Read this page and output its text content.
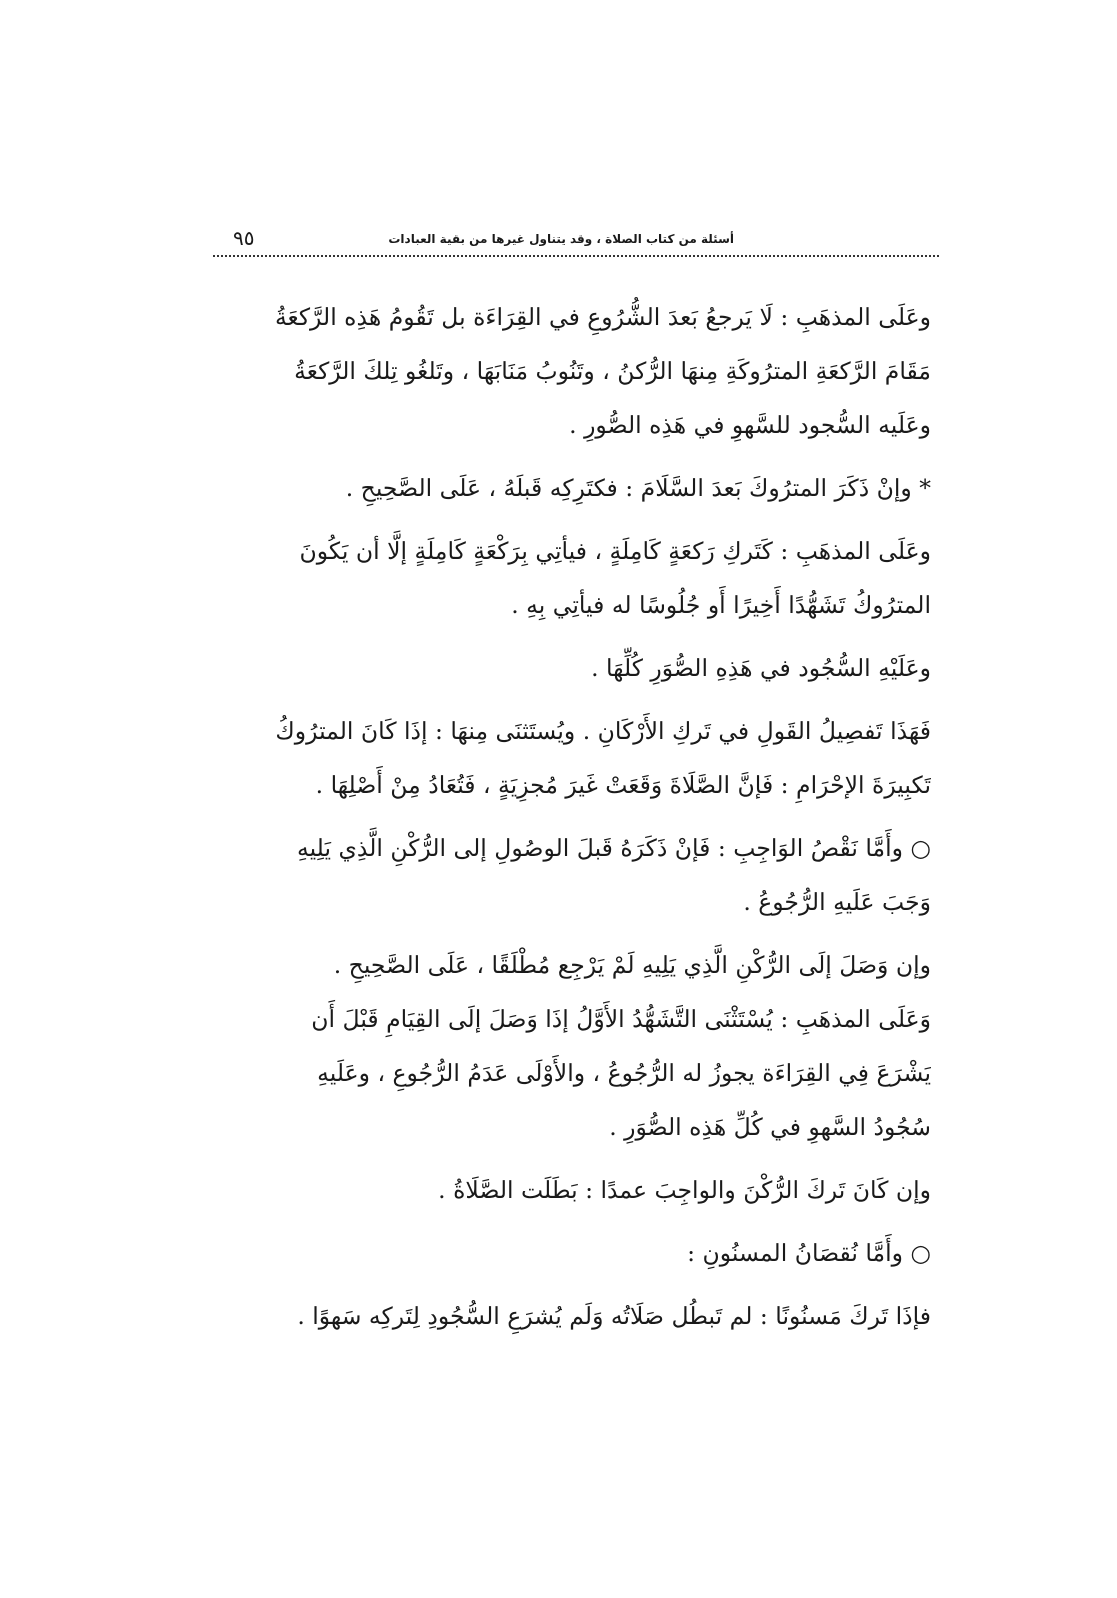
٩٥	أسئلة من كتاب الصلاة ، وقد يتناول غيرها من بقية العبادات
وعَلَى المذهَبِ : لَا يَرجعُ بَعدَ الشُّرُوعِ في القِرَاءَة بل تَقُومُ هَذِه الرَّكعَةُ
مَقَامَ الرَّكعَةِ المترُوكَةِ مِنهَا الرُّكنُ ، وتَنُوبُ مَنَابَهَا ، وتَلغُو تِلكَ الرَّكعَةُ
وعَلَيه السُّجود للسَّهوِ في هَذِه الصُّورِ .
* وإنْ ذَكَرَ المترُوكَ بَعدَ السَّلَامَ : فكتَرِكِه قَبلَهُ ، عَلَى الصَّحِيحِ .
وعَلَى المذهَبِ : كَتَركِ رَكعَةٍ كَامِلَةٍ ، فيأتِي بِرَكْعَةٍ كَامِلَةٍ إلَّا أن يَكُونَ
المترُوكُ تَشَهُّدًا أَخِيرًا أَو جُلُوسًا له فيأتِي بِهِ .
وعَلَيْهِ السُّجُود في هَذِهِ الصُّوَرِ كُلِّهَا .
فَهَذَا تَفصِيلُ القَولِ في تَركِ الأَرْكَانِ . ويُستَثنَى مِنهَا : إذَا كَانَ المترُوكُ
تَكبِيرَةَ الإحْرَامِ : فَإنَّ الصَّلَاةَ وَقَعَتْ غَيرَ مُجزِيَةٍ ، فَتُعَادُ مِنْ أَصْلِهَا .
○ وأَمَّا نَقْصُ الوَاجِبِ : فَإنْ ذَكَرَهُ قَبلَ الوصُولِ إلى الرُّكْنِ الَّذِي يَلِيهِ
وَجَبَ عَلَيهِ الرُّجُوعُ .
وإن وَصَلَ إلَى الرُّكْنِ الَّذِي يَلِيهِ لَمْ يَرْجِع مُطْلَقًا ، عَلَى الصَّحِيحِ .
وَعَلَى المذهَبِ : يُسْتَثْنَى التَّشَهُّدُ الأَوَّلُ إذَا وَصَلَ إلَى القِيَامِ قَبْلَ أَن
يَشْرَعَ فِي القِرَاءَة يجوزُ له الرُّجُوعُ ، والأَوْلَى عَدَمُ الرُّجُوعِ ، وعَلَيهِ
سُجُودُ السَّهوِ في كُلِّ هَذِه الصُّوَرِ .
وإن كَانَ تَركَ الرُّكْنَ والواجِبَ عمدًا : بَطَلَت الصَّلَاةُ .
○ وأَمَّا نُقصَانُ المسنُونِ :
فإذَا تَركَ مَسنُونًا : لم تَبطُل صَلَاتُه وَلَم يُشرَعِ السُّجُودِ لِتَركِه سَهوًا .
